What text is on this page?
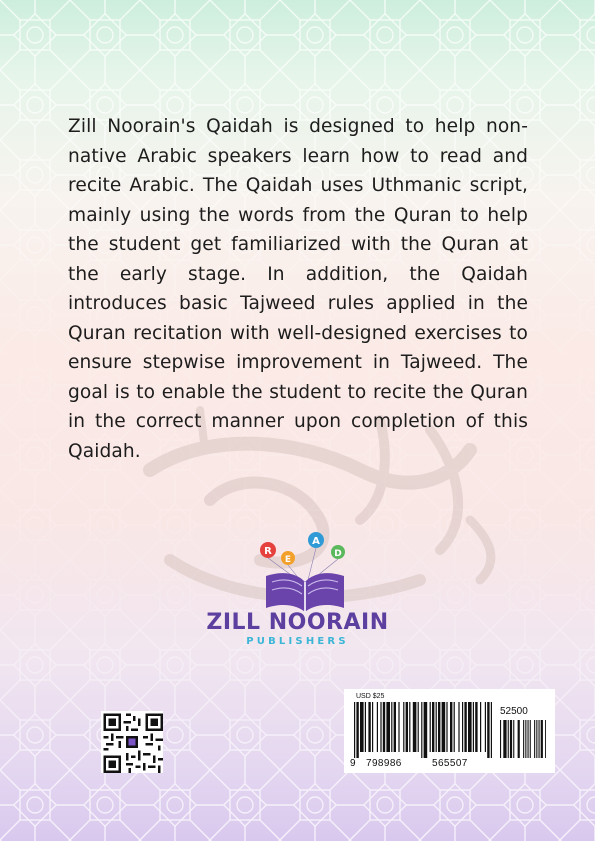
Zill Noorain's Qaidah is designed to help non-native Arabic speakers learn how to read and recite Arabic. The Qaidah uses Uthmanic script, mainly using the words from the Quran to help the student get familiarized with the Quran at the early stage. In addition, the Qaidah introduces basic Tajweed rules applied in the Quran recitation with well-designed exercises to ensure stepwise improvement in Tajweed. The goal is to enable the student to recite the Quran in the correct manner upon completion of this Qaidah.

R
E
A
D
ZILL NOORAIN
PUBLISHERS
USD $25
52500
9 798986	565507
